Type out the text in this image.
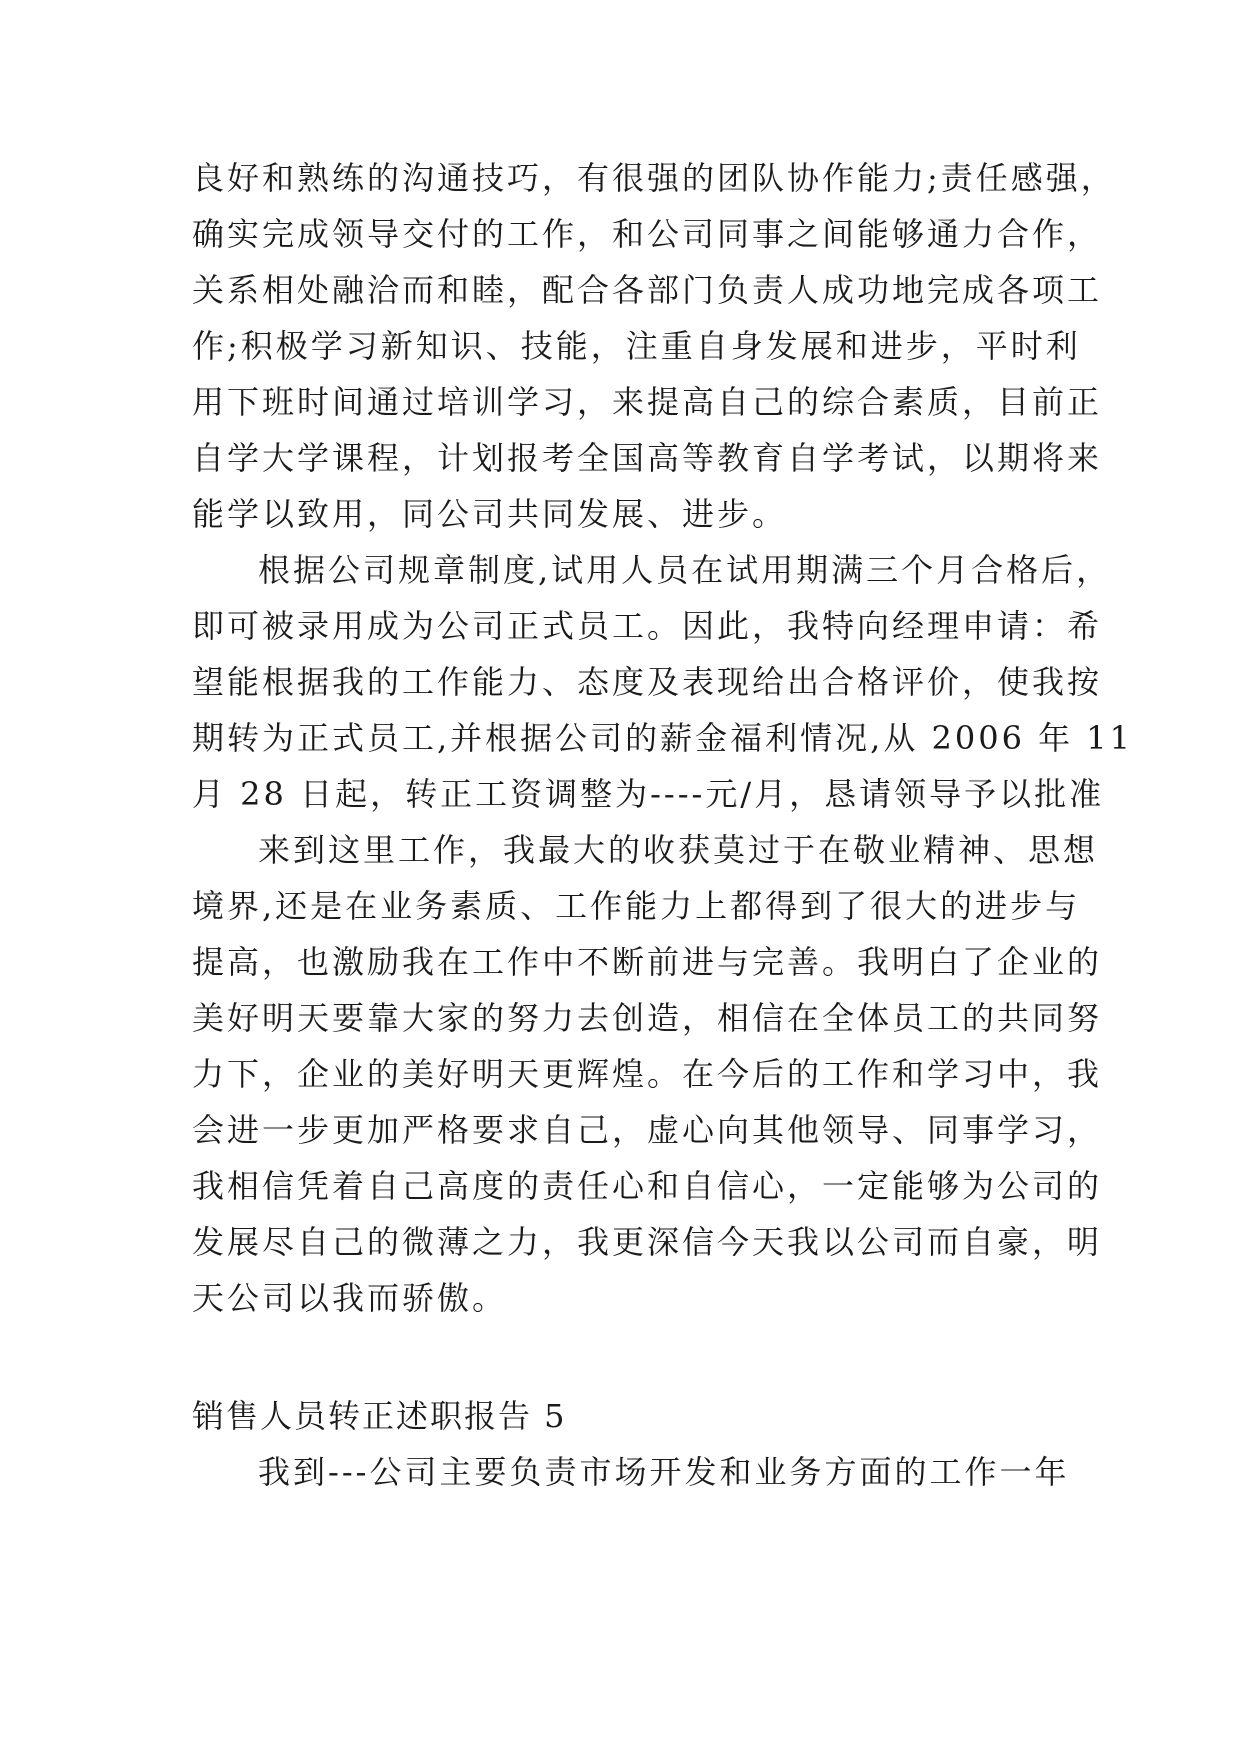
良好和熟练的沟通技巧，有很强的团队协作能力;责任感强，
确实完成领导交付的工作，和公司同事之间能够通力合作，
关系相处融洽而和睦，配合各部门负责人成功地完成各项工
作;积极学习新知识、技能，注重自身发展和进步，平时利
用下班时间通过培训学习，来提高自己的综合素质，目前正
自学大学课程，计划报考全国高等教育自学考试，以期将来
能学以致用，同公司共同发展、进步。
根据公司规章制度,试用人员在试用期满三个月合格后，
即可被录用成为公司正式员工。因此，我特向经理申请：希
望能根据我的工作能力、态度及表现给出合格评价，使我按
期转为正式员工,并根据公司的薪金福利情况,从 2006 年 11
月 28 日起，转正工资调整为----元/月，恳请领导予以批准
来到这里工作，我最大的收获莫过于在敬业精神、思想
境界,还是在业务素质、工作能力上都得到了很大的进步与
提高，也激励我在工作中不断前进与完善。我明白了企业的
美好明天要靠大家的努力去创造，相信在全体员工的共同努
力下，企业的美好明天更辉煌。在今后的工作和学习中，我
会进一步更加严格要求自己，虚心向其他领导、同事学习，
我相信凭着自己高度的责任心和自信心，一定能够为公司的
发展尽自己的微薄之力，我更深信今天我以公司而自豪，明
天公司以我而骄傲。
销售人员转正述职报告 5
我到---公司主要负责市场开发和业务方面的工作一年
